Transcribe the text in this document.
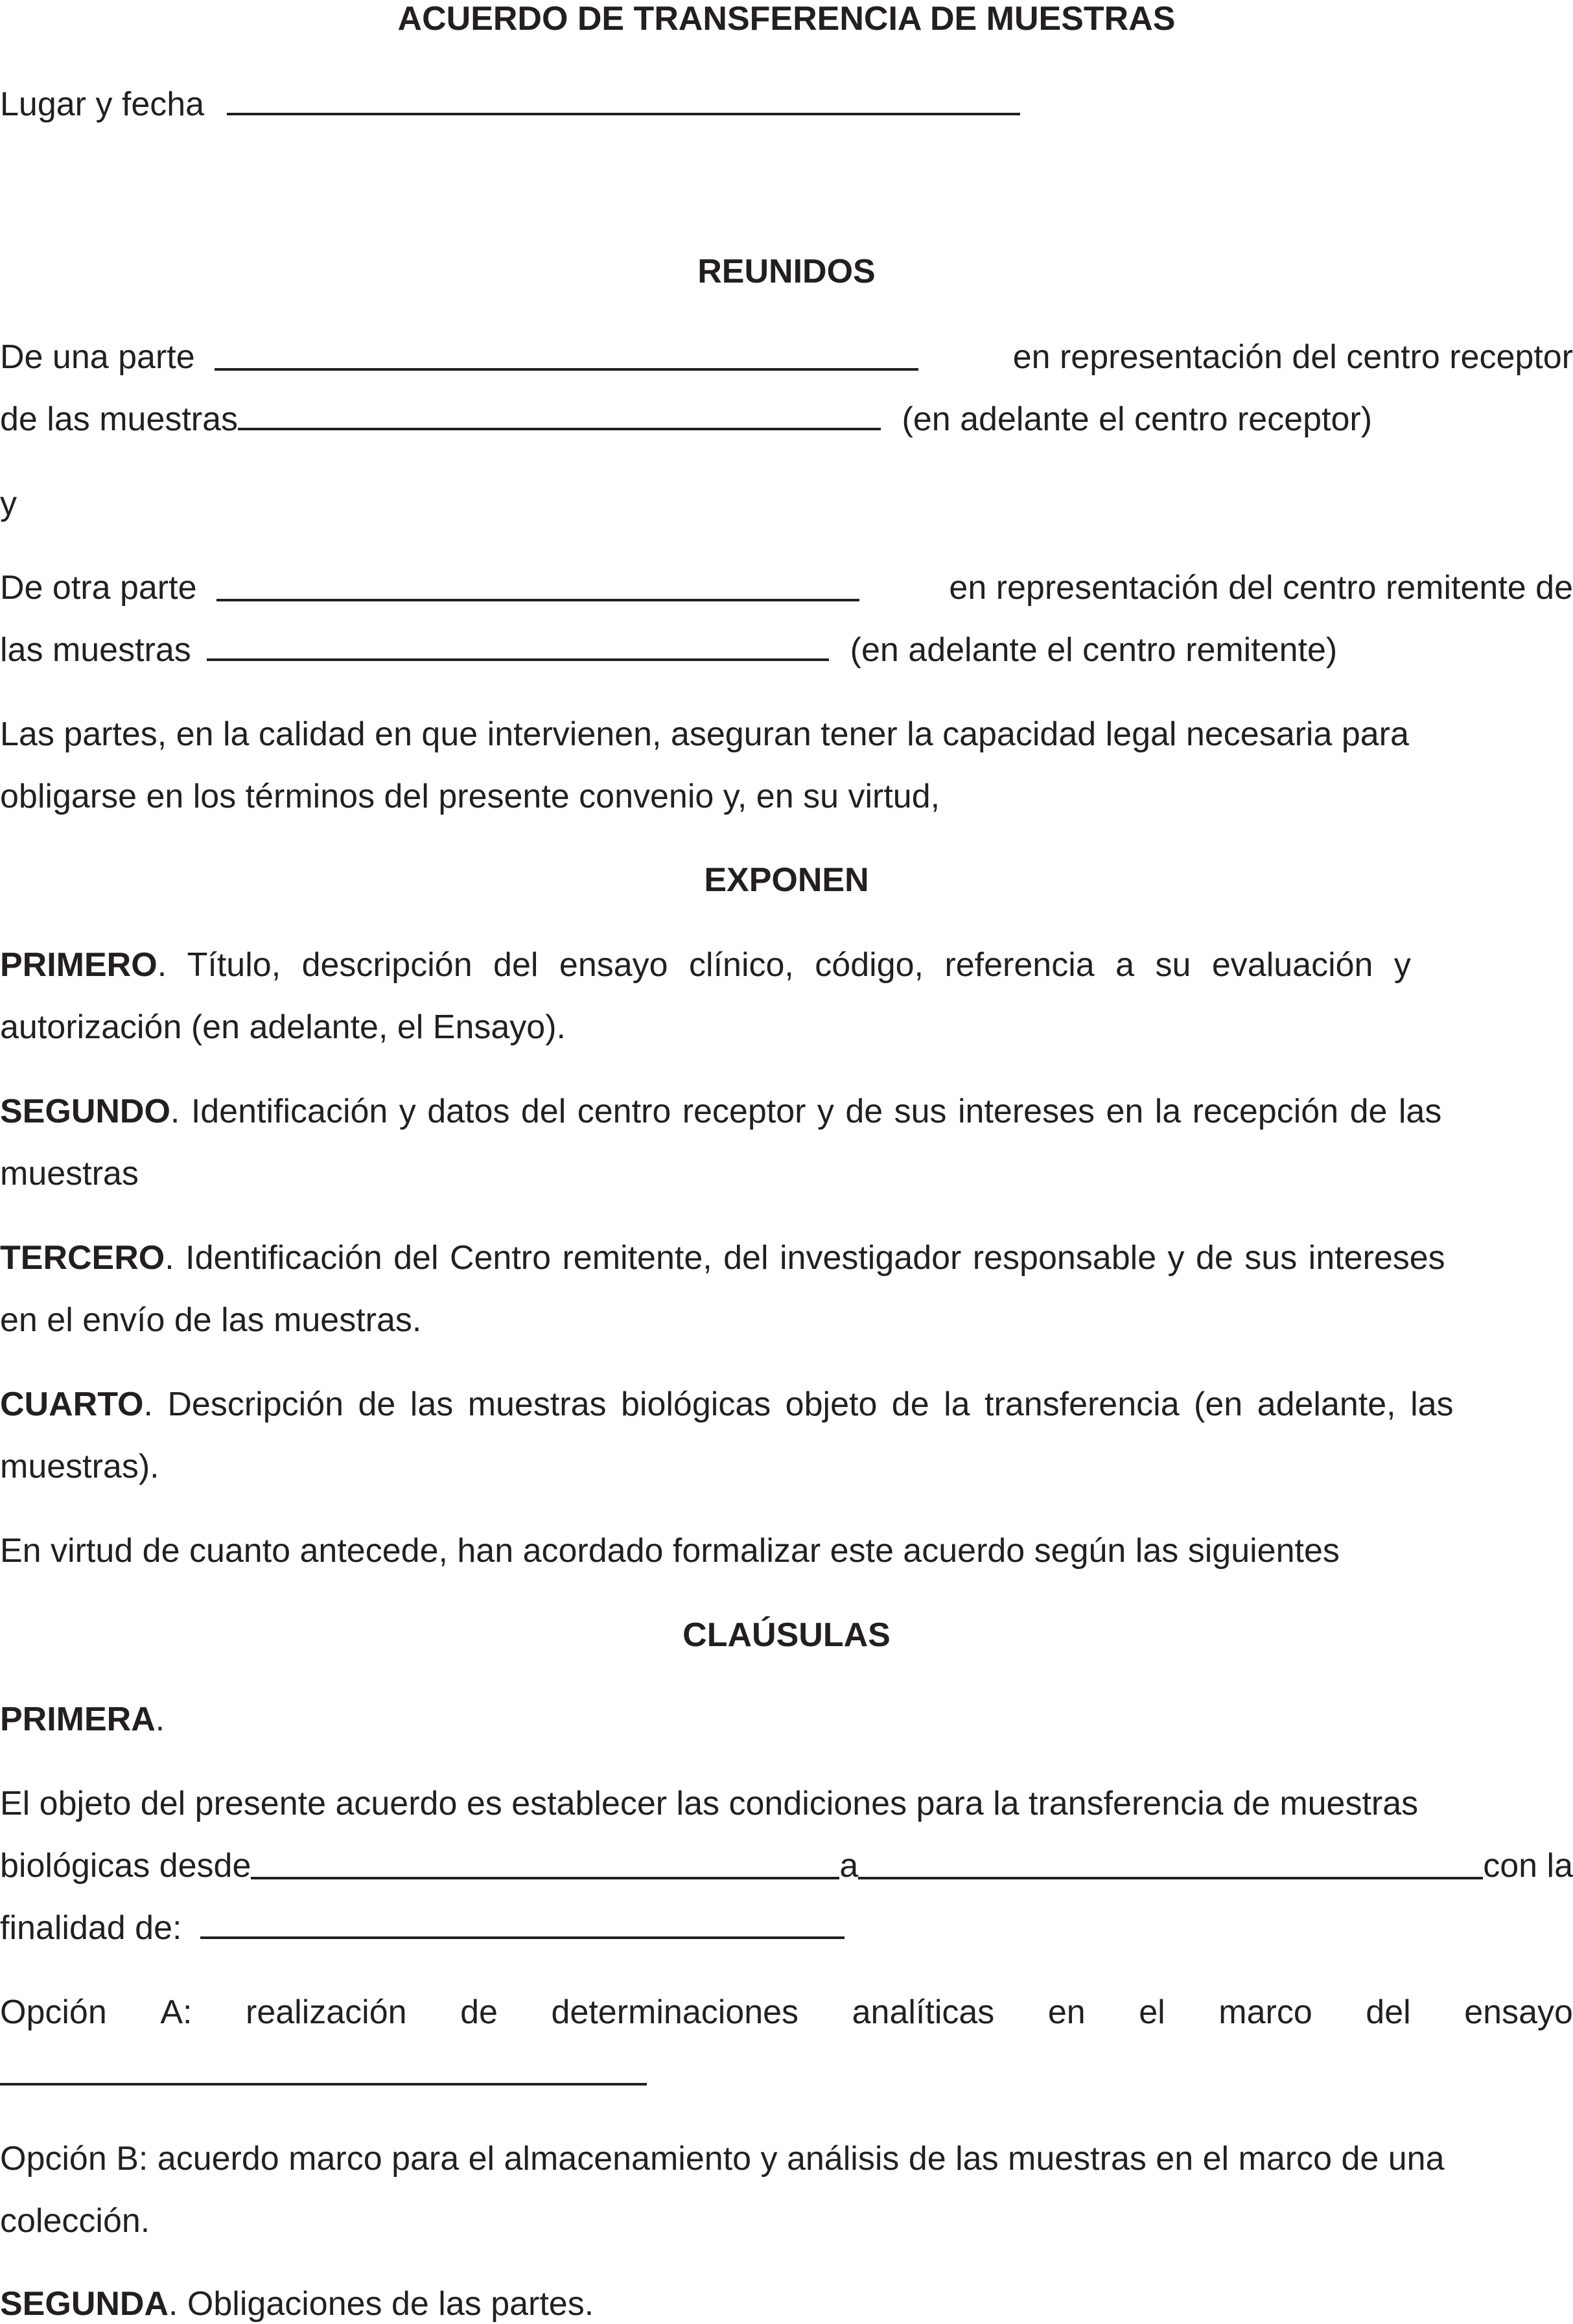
ACUERDO DE TRANSFERENCIA DE MUESTRAS

Lugar y fecha

REUNIDOS

De una parte	en representación del centro receptor
de las muestras	(en adelante el centro receptor)

y

De otra parte	en representación del centro remitente de
las muestras	(en adelante el centro remitente)

Las partes, en la calidad en que intervienen, aseguran tener la capacidad legal necesaria para

obligarse en los términos del presente convenio y, en su virtud,

EXPONEN

PRIMERO. Título, descripción del ensayo clínico, código, referencia a su evaluación y

autorización (en adelante, el Ensayo).

SEGUNDO. Identificación y datos del centro receptor y de sus intereses en la recepción de las

muestras

TERCERO. Identificación del Centro remitente, del investigador responsable y de sus intereses

en el envío de las muestras.

CUARTO. Descripción de las muestras biológicas objeto de la transferencia (en adelante, las

muestras).

En virtud de cuanto antecede, han acordado formalizar este acuerdo según las siguientes

CLAÚSULAS

PRIMERA.

El objeto del presente acuerdo es establecer las condiciones para la transferencia de muestras

biológicas desde	a	con la

finalidad de:

Opción A: realización de determinaciones analíticas en el marco del ensayo

Opción B: acuerdo marco para el almacenamiento y análisis de las muestras en el marco de una

colección.

SEGUNDA. Obligaciones de las partes.
